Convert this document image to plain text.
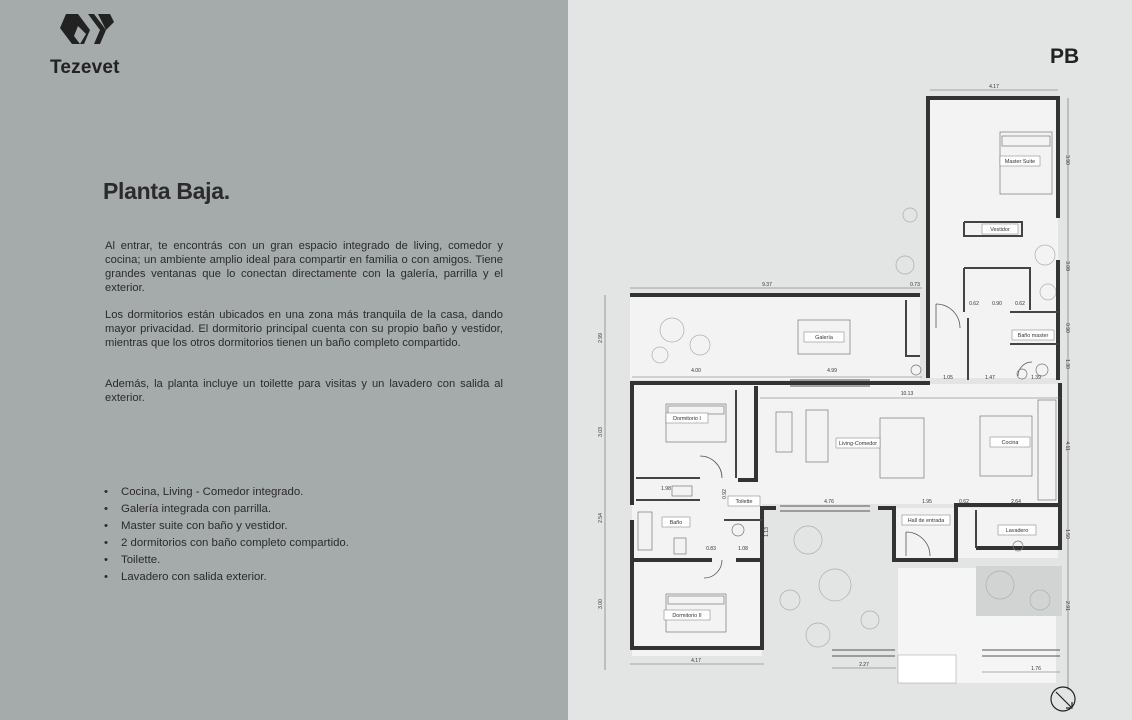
Tezevet
Planta Baja.

Al entrar, te encontrás con un gran espacio integrado de living, comedor y cocina; un ambiente amplio ideal para compartir en familia o con amigos. Tiene grandes ventanas que lo conectan directamente con la galería, parrilla y el exterior.

Los dormitorios están ubicados en una zona más tranquila de la casa, dando mayor privacidad. El dormitorio principal cuenta con su propio baño y vestidor, mientras que los otros dormitorios tienen un baño completo compartido.

Además, la planta incluye un toilette para visitas y un lavadero con salida al exterior.

• Cocina, Living - Comedor integrado.
• Galería integrada con parrilla.
• Master suite con baño y vestidor.
• 2 dormitorios con baño completo compartido.
• Toilette.
• Lavadero con salida exterior.
PB
Master Suite
Vestidor
Baño master
Galería
Dormitorio I
Living-Comedor	Cocina
Toilette
Baño	Hall de entrada
Lavadero
Dormitorio II
4.17
3.90
3.08
0.90
1.30
9.37	0.73
2.99
4.00	4.99
1.05	1.47	1.39
0.62	0.90	0.62
10.13
3.03
4.11
1.98
0.92
4.76	1.95	0.62	2.64
2.54
0.83	1.08
1.13	1.50
3.00
4.17
2.27
1.76
2.91
